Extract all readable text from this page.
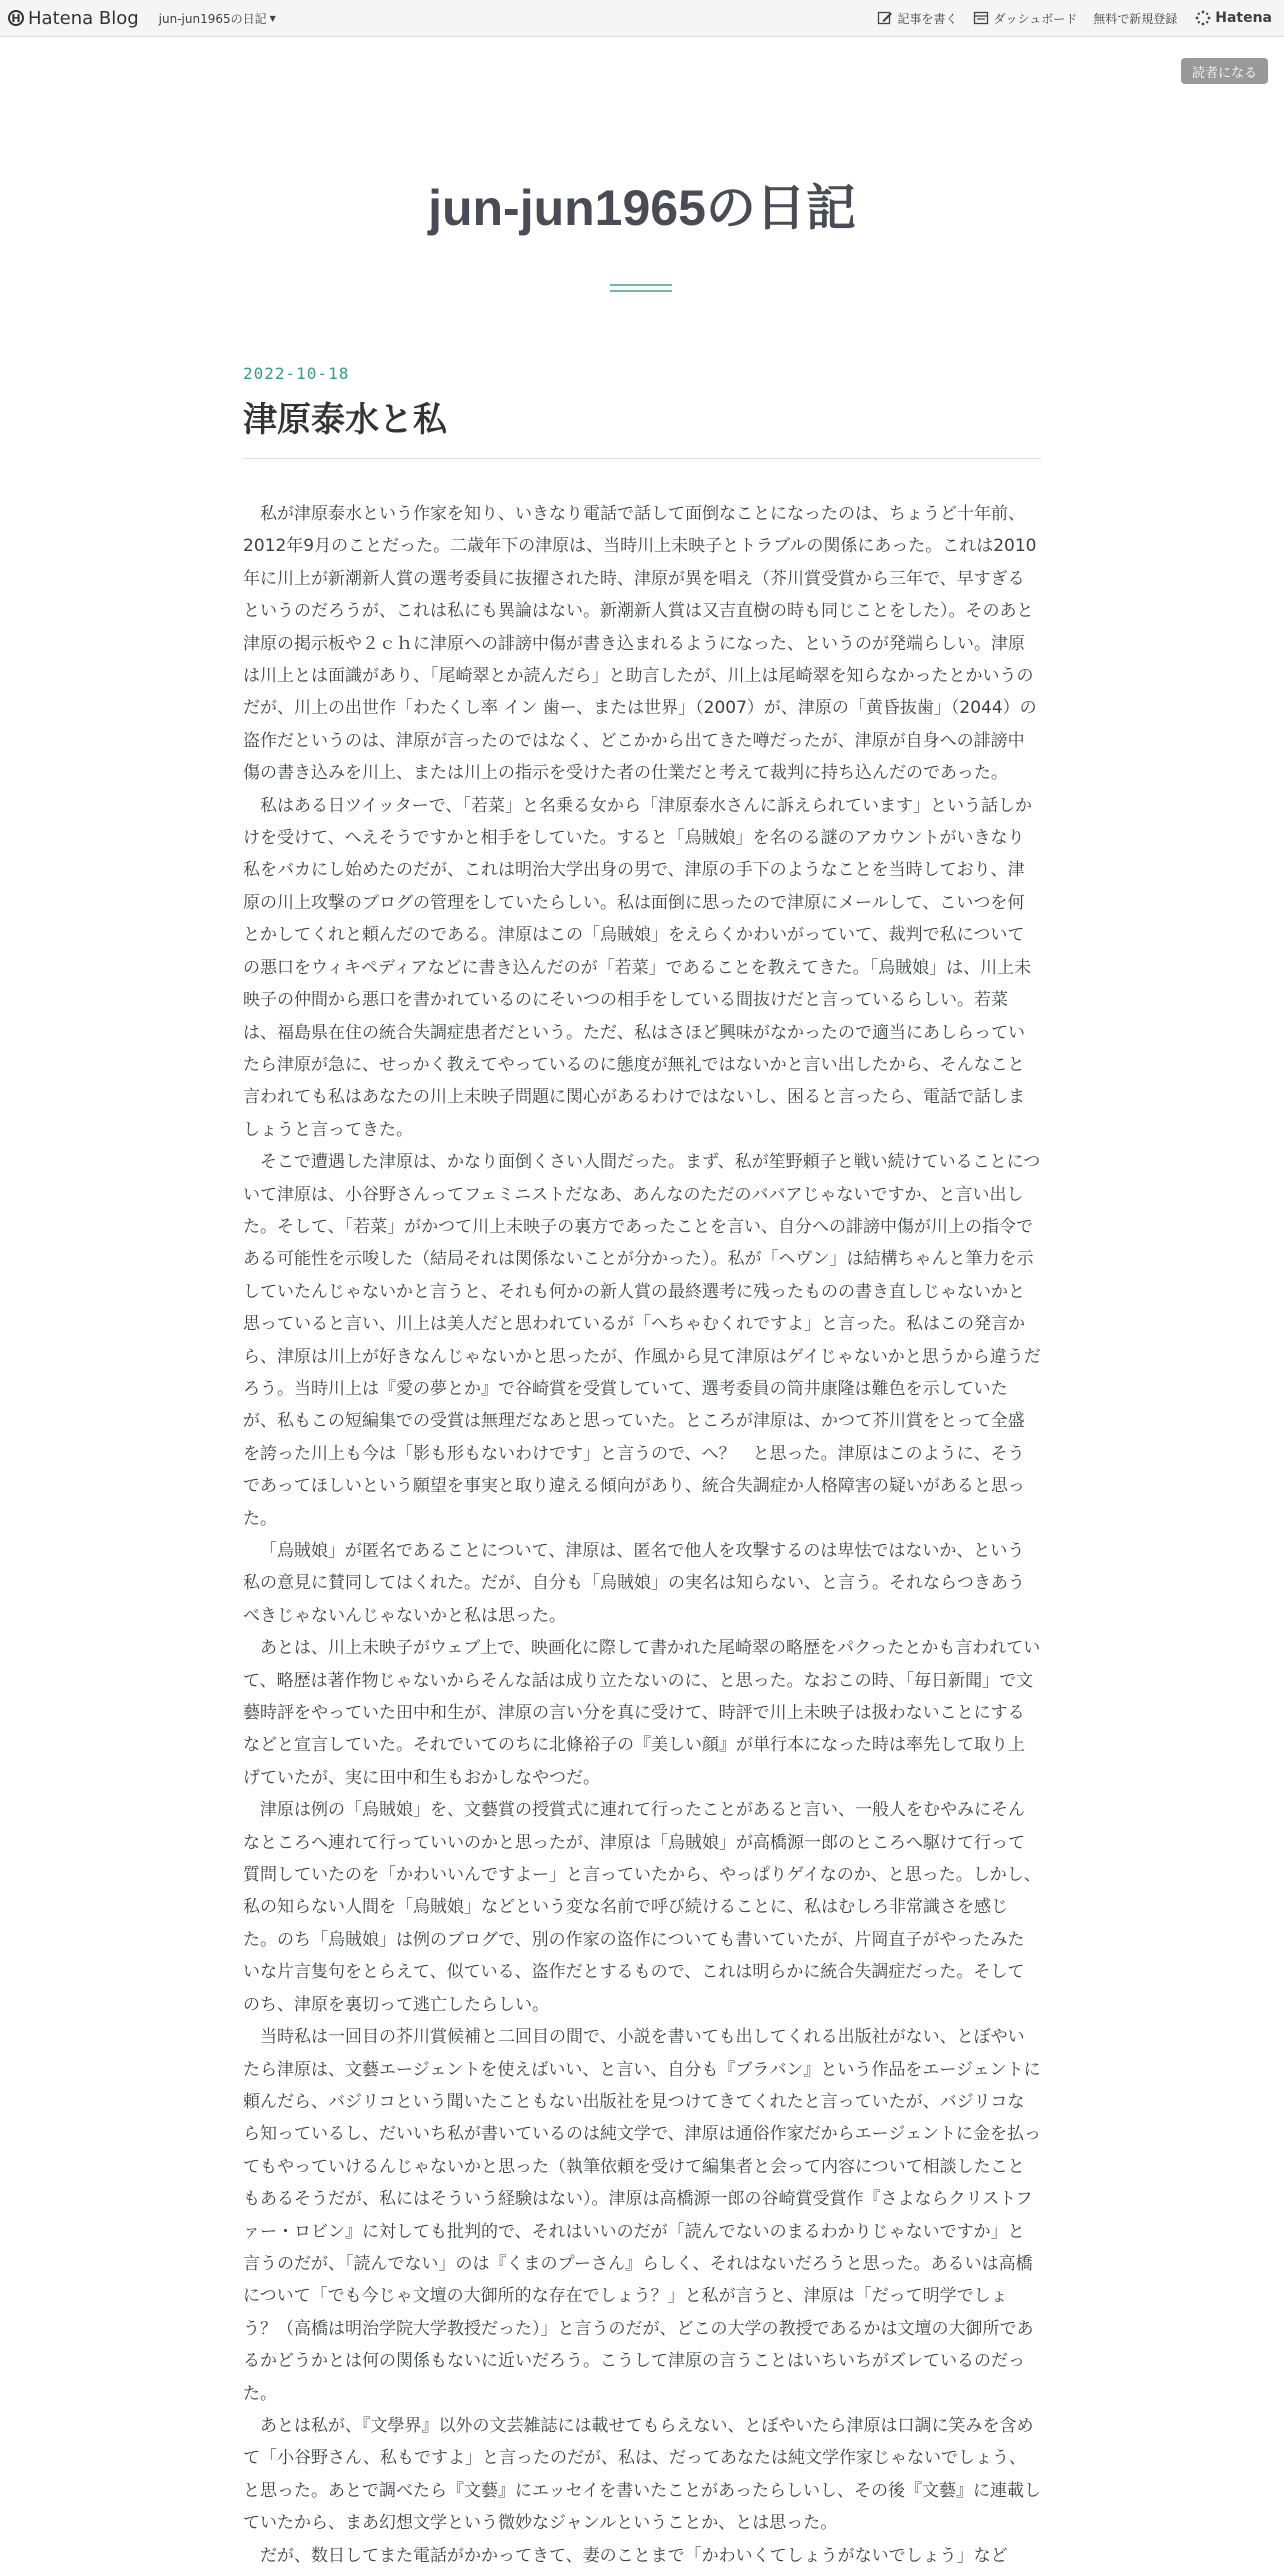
H Hatena Blog jun-jun1965の日記 ▼	記事を書く	ダッシュボード 無料で新規登録	Hatena
読者になる
jun-jun1965の日記
2022-10-18
津原泰水と私

私が津原泰水という作家を知り、いきなり電話で話して面倒なことになったのは、ちょうど十年前、2012年9月のことだった。二歳年下の津原は、当時川上未映子とトラブルの関係にあった。これは2010年に川上が新潮新人賞の選考委員に抜擢された時、津原が異を唱え（芥川賞受賞から三年で、早すぎるというのだろうが、これは私にも異論はない。新潮新人賞は又吉直樹の時も同じことをした）。そのあと津原の掲示板や２ｃｈに津原への誹謗中傷が書き込まれるようになった、というのが発端らしい。津原は川上とは面識があり、「尾崎翠とか読んだら」と助言したが、川上は尾崎翠を知らなかったとかいうのだが、川上の出世作「わたくし率 イン 歯ー、または世界」（2007）が、津原の「黄昏抜歯」（2044）の盗作だというのは、津原が言ったのではなく、どこかから出てきた噂だったが、津原が自身への誹謗中傷の書き込みを川上、または川上の指示を受けた者の仕業だと考えて裁判に持ち込んだのであった。

私はある日ツイッターで、「若菜」と名乗る女から「津原泰水さんに訴えられています」という話しかけを受けて、へえそうですかと相手をしていた。すると「烏賊娘」を名のる謎のアカウントがいきなり私をバカにし始めたのだが、これは明治大学出身の男で、津原の手下のようなことを当時しており、津原の川上攻撃のブログの管理をしていたらしい。私は面倒に思ったので津原にメールして、こいつを何とかしてくれと頼んだのである。津原はこの「烏賊娘」をえらくかわいがっていて、裁判で私についての悪口をウィキペディアなどに書き込んだのが「若菜」であることを教えてきた。「烏賊娘」は、川上未映子の仲間から悪口を書かれているのにそいつの相手をしている間抜けだと言っているらしい。若菜は、福島県在住の統合失調症患者だという。ただ、私はさほど興味がなかったので適当にあしらっていたら津原が急に、せっかく教えてやっているのに態度が無礼ではないかと言い出したから、そんなこと言われても私はあなたの川上未映子問題に関心があるわけではないし、困ると言ったら、電話で話しましょうと言ってきた。

そこで遭遇した津原は、かなり面倒くさい人間だった。まず、私が笙野頼子と戦い続けていることについて津原は、小谷野さんってフェミニストだなあ、あんなのただのババアじゃないですか、と言い出した。そして、「若菜」がかつて川上未映子の裏方であったことを言い、自分への誹謗中傷が川上の指令である可能性を示唆した（結局それは関係ないことが分かった）。私が「ヘヴン」は結構ちゃんと筆力を示していたんじゃないかと言うと、それも何かの新人賞の最終選考に残ったものの書き直しじゃないかと思っていると言い、川上は美人だと思われているが「へちゃむくれですよ」と言った。私はこの発言から、津原は川上が好きなんじゃないかと思ったが、作風から見て津原はゲイじゃないかと思うから違うだろう。当時川上は『愛の夢とか』で谷崎賞を受賞していて、選考委員の筒井康隆は難色を示していたが、私もこの短編集での受賞は無理だなあと思っていた。ところが津原は、かつて芥川賞をとって全盛を誇った川上も今は「影も形もないわけです」と言うので、へ？　と思った。津原はこのように、そうであってほしいという願望を事実と取り違える傾向があり、統合失調症か人格障害の疑いがあると思った。

「烏賊娘」が匿名であることについて、津原は、匿名で他人を攻撃するのは卑怯ではないか、という私の意見に賛同してはくれた。だが、自分も「烏賊娘」の実名は知らない、と言う。それならつきあうべきじゃないんじゃないかと私は思った。

あとは、川上未映子がウェブ上で、映画化に際して書かれた尾崎翠の略歴をパクったとかも言われていて、略歴は著作物じゃないからそんな話は成り立たないのに、と思った。なおこの時、「毎日新聞」で文藝時評をやっていた田中和生が、津原の言い分を真に受けて、時評で川上未映子は扱わないことにするなどと宣言していた。それでいてのちに北條裕子の『美しい顔』が単行本になった時は率先して取り上げていたが、実に田中和生もおかしなやつだ。

津原は例の「烏賊娘」を、文藝賞の授賞式に連れて行ったことがあると言い、一般人をむやみにそんなところへ連れて行っていいのかと思ったが、津原は「烏賊娘」が高橋源一郎のところへ駆けて行って質問していたのを「かわいいんですよー」と言っていたから、やっぱりゲイなのか、と思った。しかし、私の知らない人間を「烏賊娘」などという変な名前で呼び続けることに、私はむしろ非常識さを感じた。のち「烏賊娘」は例のブログで、別の作家の盗作についても書いていたが、片岡直子がやったみたいな片言隻句をとらえて、似ている、盗作だとするもので、これは明らかに統合失調症だった。そしてのち、津原を裏切って逃亡したらしい。

当時私は一回目の芥川賞候補と二回目の間で、小説を書いても出してくれる出版社がない、とぼやいたら津原は、文藝エージェントを使えばいい、と言い、自分も『ブラバン』という作品をエージェントに頼んだら、バジリコという聞いたこともない出版社を見つけてきてくれたと言っていたが、バジリコなら知っているし、だいいち私が書いているのは純文学で、津原は通俗作家だからエージェントに金を払ってもやっていけるんじゃないかと思った（執筆依頼を受けて編集者と会って内容について相談したこともあるそうだが、私にはそういう経験はない）。津原は高橋源一郎の谷崎賞受賞作『さよならクリストファー・ロビン』に対しても批判的で、それはいいのだが「読んでないのまるわかりじゃないですか」と言うのだが、「読んでない」のは『くまのプーさん』らしく、それはないだろうと思った。あるいは高橋について「でも今じゃ文壇の大御所的な存在でしょう？」と私が言うと、津原は「だって明学でしょう？（高橋は明治学院大学教授だった）」と言うのだが、どこの大学の教授であるかは文壇の大御所であるかどうかとは何の関係もないに近いだろう。こうして津原の言うことはいちいちがズレているのだった。

あとは私が、『文學界』以外の文芸雑誌には載せてもらえない、とぼやいたら津原は口調に笑みを含めて「小谷野さん、私もですよ」と言ったのだが、私は、だってあなたは純文学作家じゃないでしょう、と思った。あとで調べたら『文藝』にエッセイを書いたことがあったらしいし、その後『文藝』に連載していたから、まあ幻想文学という微妙なジャンルということか、とは思った。

だが、数日してまた電話がかかってきて、妻のことまで「かわいくてしょうがないでしょう」など
